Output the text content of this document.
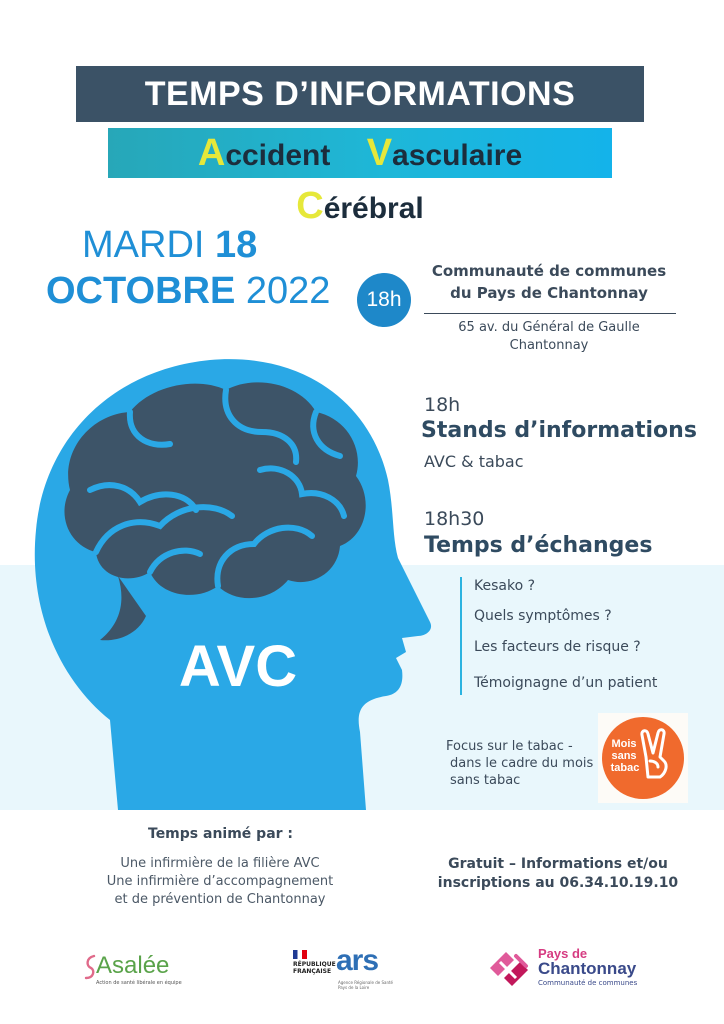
TEMPS D’INFORMATIONS
Accident Vasculaire Cérébral
MARDI 18
OCTOBRE 2022	18h
Communauté de communes
du Pays de Chantonnay
65 av. du Général de Gaulle
Chantonnay
AVC
18h
Stands d’informations
AVC & tabac
18h30
Temps d’échanges
Kesako ?
Quels symptômes ?
Les facteurs de risque ?
Témoignagne d’un patient
Focus sur le tabac -
dans le cadre du mois
sans tabac
Mois
sans
tabac
Temps animé par :
Une infirmière de la filière AVC
Une infirmière d’accompagnement
et de prévention de Chantonnay
Gratuit – Informations et/ou
inscriptions au 06.34.10.19.10
Asalée
Action de santé libérale en équipe
RÉPUBLIQUE
FRANÇAISE ars
Agence Régionale de Santé Pays de la Loire
Pays de
Chantonnay
Communauté de communes
